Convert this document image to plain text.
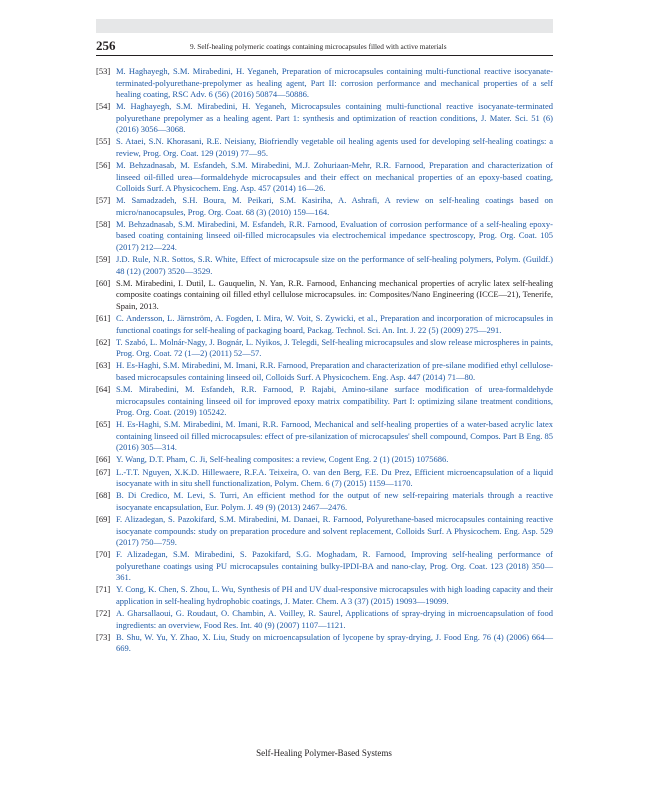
256	9. Self-healing polymeric coatings containing microcapsules filled with active materials
[53] M. Haghayegh, S.M. Mirabedini, H. Yeganeh, Preparation of microcapsules containing multi-functional reactive isocyanate-terminated-polyurethane-prepolymer as healing agent, Part II: corrosion performance and mechanical properties of a self healing coating, RSC Adv. 6 (56) (2016) 50874—50886.
[54] M. Haghayegh, S.M. Mirabedini, H. Yeganeh, Microcapsules containing multi-functional reactive isocyanate-terminated polyurethane prepolymer as a healing agent. Part 1: synthesis and optimization of reaction conditions, J. Mater. Sci. 51 (6) (2016) 3056—3068.
[55] S. Ataei, S.N. Khorasani, R.E. Neisiany, Biofriendly vegetable oil healing agents used for developing self-healing coatings: a review, Prog. Org. Coat. 129 (2019) 77—95.
[56] M. Behzadnasab, M. Esfandeh, S.M. Mirabedini, M.J. Zohuriaan-Mehr, R.R. Farnood, Preparation and characterization of linseed oil-filled urea—formaldehyde microcapsules and their effect on mechanical properties of an epoxy-based coating, Colloids Surf. A Physicochem. Eng. Asp. 457 (2014) 16—26.
[57] M. Samadzadeh, S.H. Boura, M. Peikari, S.M. Kasiriha, A. Ashrafi, A review on self-healing coatings based on micro/nanocapsules, Prog. Org. Coat. 68 (3) (2010) 159—164.
[58] M. Behzadnasab, S.M. Mirabedini, M. Esfandeh, R.R. Farnood, Evaluation of corrosion performance of a self-healing epoxy-based coating containing linseed oil-filled microcapsules via electrochemical impedance spectroscopy, Prog. Org. Coat. 105 (2017) 212—224.
[59] J.D. Rule, N.R. Sottos, S.R. White, Effect of microcapsule size on the performance of self-healing polymers, Polym. (Guildf.) 48 (12) (2007) 3520—3529.
[60] S.M. Mirabedini, I. Dutil, L. Gauquelin, N. Yan, R.R. Farnood, Enhancing mechanical properties of acrylic latex self-healing composite coatings containing oil filled ethyl cellulose microcapsules. in: Composites/Nano Engineering (ICCE—21), Tenerife, Spain, 2013.
[61] C. Andersson, L. Järnström, A. Fogden, I. Mira, W. Voit, S. Zywicki, et al., Preparation and incorporation of microcapsules in functional coatings for self-healing of packaging board, Packag. Technol. Sci. An. Int. J. 22 (5) (2009) 275—291.
[62] T. Szabó, L. Molnár-Nagy, J. Bognár, L. Nyikos, J. Telegdi, Self-healing microcapsules and slow release microspheres in paints, Prog. Org. Coat. 72 (1—2) (2011) 52—57.
[63] H. Es-Haghi, S.M. Mirabedini, M. Imani, R.R. Farnood, Preparation and characterization of pre-silane modified ethyl cellulose-based microcapsules containing linseed oil, Colloids Surf. A Physicochem. Eng. Asp. 447 (2014) 71—80.
[64] S.M. Mirabedini, M. Esfandeh, R.R. Farnood, P. Rajabi, Amino-silane surface modification of urea-formaldehyde microcapsules containing linseed oil for improved epoxy matrix compatibility. Part I: optimizing silane treatment conditions, Prog. Org. Coat. (2019) 105242.
[65] H. Es-Haghi, S.M. Mirabedini, M. Imani, R.R. Farnood, Mechanical and self-healing properties of a water-based acrylic latex containing linseed oil filled microcapsules: effect of pre-silanization of microcapsules' shell compound, Compos. Part B Eng. 85 (2016) 305—314.
[66] Y. Wang, D.T. Pham, C. Ji, Self-healing composites: a review, Cogent Eng. 2 (1) (2015) 1075686.
[67] L.-T.T. Nguyen, X.K.D. Hillewaere, R.F.A. Teixeira, O. van den Berg, F.E. Du Prez, Efficient microencapsulation of a liquid isocyanate with in situ shell functionalization, Polym. Chem. 6 (7) (2015) 1159—1170.
[68] B. Di Credico, M. Levi, S. Turri, An efficient method for the output of new self-repairing materials through a reactive isocyanate encapsulation, Eur. Polym. J. 49 (9) (2013) 2467—2476.
[69] F. Alizadegan, S. Pazokifard, S.M. Mirabedini, M. Danaei, R. Farnood, Polyurethane-based microcapsules containing reactive isocyanate compounds: study on preparation procedure and solvent replacement, Colloids Surf. A Physicochem. Eng. Asp. 529 (2017) 750—759.
[70] F. Alizadegan, S.M. Mirabedini, S. Pazokifard, S.G. Moghadam, R. Farnood, Improving self-healing performance of polyurethane coatings using PU microcapsules containing bulky-IPDI-BA and nano-clay, Prog. Org. Coat. 123 (2018) 350—361.
[71] Y. Cong, K. Chen, S. Zhou, L. Wu, Synthesis of PH and UV dual-responsive microcapsules with high loading capacity and their application in self-healing hydrophobic coatings, J. Mater. Chem. A 3 (37) (2015) 19093—19099.
[72] A. Gharsallaoui, G. Roudaut, O. Chambin, A. Voilley, R. Saurel, Applications of spray-drying in microencapsulation of food ingredients: an overview, Food Res. Int. 40 (9) (2007) 1107—1121.
[73] B. Shu, W. Yu, Y. Zhao, X. Liu, Study on microencapsulation of lycopene by spray-drying, J. Food Eng. 76 (4) (2006) 664—669.
Self-Healing Polymer-Based Systems
